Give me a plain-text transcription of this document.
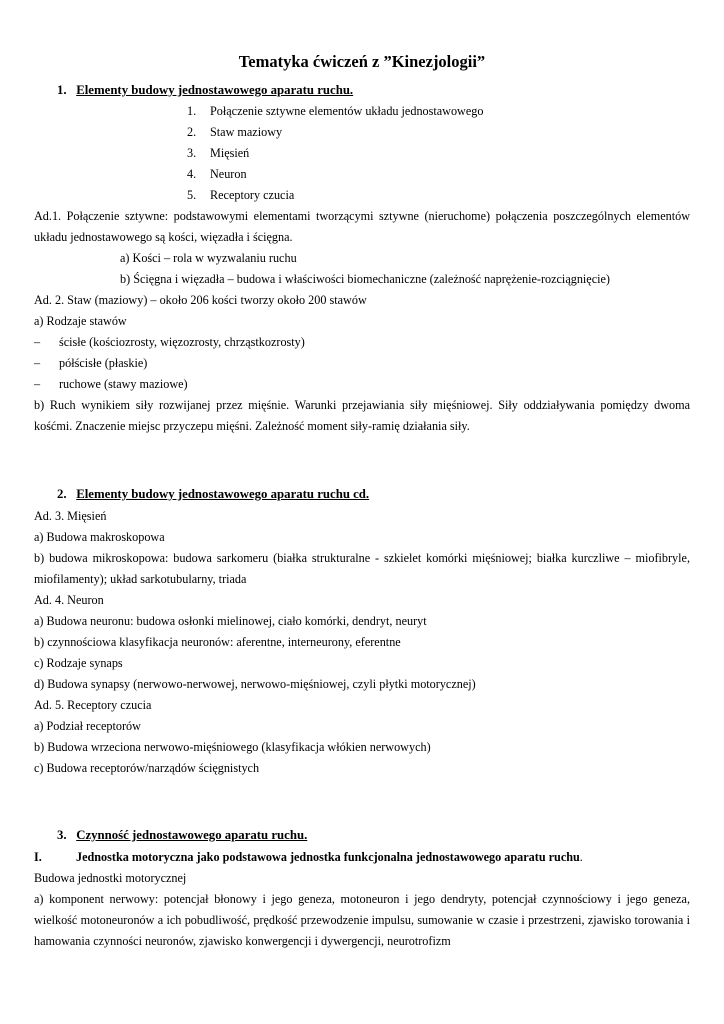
Tematyka ćwiczeń z ”Kinezjologii”
1. Elementy budowy jednostawowego aparatu ruchu.
1. Połączenie sztywne elementów układu jednostawowego
2. Staw maziowy
3. Mięsień
4. Neuron
5. Receptory czucia
Ad.1. Połączenie sztywne: podstawowymi elementami tworzącymi sztywne (nieruchome) połączenia poszczególnych elementów
układu jednostawowego są kości, więzadła i ścięgna.
a) Kości – rola w wyzwalaniu ruchu
b) Ścięgna i więzadła – budowa i właściwości biomechaniczne (zależność naprężenie-rozciągnięcie)
Ad. 2. Staw (maziowy) – około 206 kości tworzy około 200 stawów
a) Rodzaje stawów
– ścisłe (kościozrosty, więzozrosty, chrząstkozrosty)
– półścisłe (płaskie)
– ruchowe (stawy maziowe)
b) Ruch wynikiem siły rozwijanej przez mięśnie. Warunki przejawiania siły mięśniowej. Siły oddziaływania pomiędzy dwoma
kośćmi. Znaczenie miejsc przyczepu mięśni. Zależność moment siły-ramię działania siły.
2. Elementy budowy jednostawowego aparatu ruchu cd.
Ad. 3. Mięsień
a) Budowa makroskopowa
b) budowa mikroskopowa: budowa sarkomeru (białka strukturalne - szkielet komórki mięśniowej; białka kurczliwe – miofibryle,
miofilamenty); układ sarkotubularny, triada
Ad. 4. Neuron
a) Budowa neuronu: budowa osłonki mielinowej, ciało komórki, dendryt, neuryt
b) czynnościowa klasyfikacja neuronów: aferentne, interneurony, eferentne
c) Rodzaje synaps
d) Budowa synapsy (nerwowo-nerwowej, nerwowo-mięśniowej, czyli płytki motorycznej)
Ad. 5. Receptory czucia
a) Podział receptorów
b) Budowa wrzeciona nerwowo-mięśniowego (klasyfikacja włókien nerwowych)
c) Budowa receptorów/narządów ścięgnistych
3. Czynność jednostawowego aparatu ruchu.
I.	Jednostka motoryczna jako podstawowa jednostka funkcjonalna jednostawowego aparatu ruchu.
Budowa jednostki motorycznej
a) komponent nerwowy: potencjał błonowy i jego geneza, motoneuron i jego dendryty, potencjał czynnościowy i jego geneza,
wielkość motoneuronów a ich pobudliwość, prędkość przewodzenie impulsu, sumowanie w czasie i przestrzeni, zjawisko torowania i
hamowania czynności neuronów, zjawisko konwergencji i dywergencji, neurotrofizm
